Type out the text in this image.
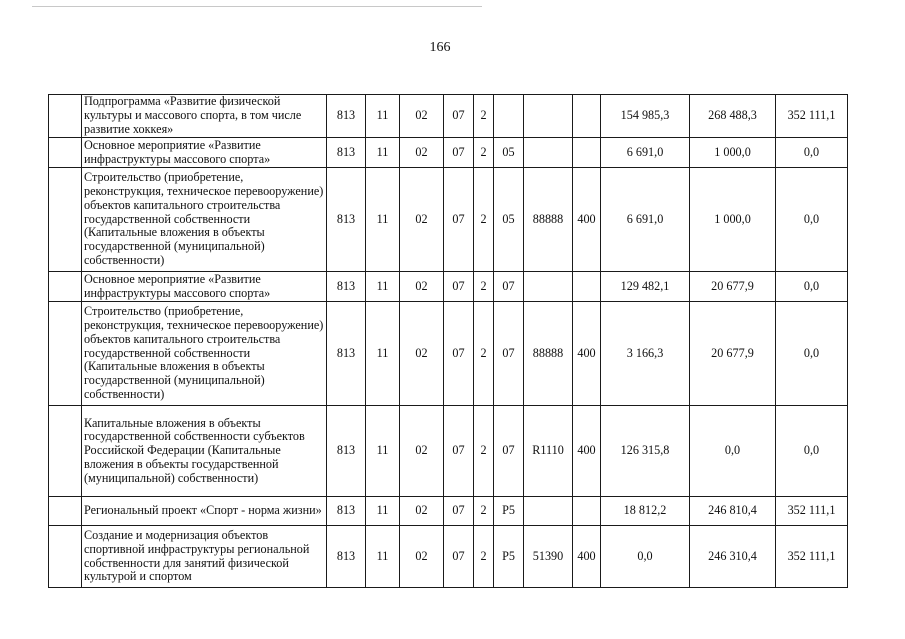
166
	Подпрограмма «Развитие физической культуры и массового спорта, в том числе развитие хоккея»	813	11	02	07	2				154 985,3	268 488,3	352 111,1
	Основное мероприятие «Развитие инфраструктуры массового спорта»	813	11	02	07	2	05			6 691,0	1 000,0	0,0
	Строительство (приобретение, реконструкция, техническое перевооружение) объектов капитального строительства государственной собственности (Капитальные вложения в объекты государственной (муниципальной) собственности)	813	11	02	07	2	05	88888	400	6 691,0	1 000,0	0,0
	Основное мероприятие «Развитие инфраструктуры массового спорта»	813	11	02	07	2	07			129 482,1	20 677,9	0,0
	Строительство (приобретение, реконструкция, техническое перевооружение) объектов капитального строительства государственной собственности (Капитальные вложения в объекты государственной (муниципальной) собственности)	813	11	02	07	2	07	88888	400	3 166,3	20 677,9	0,0
	Капитальные вложения в объекты государственной собственности субъектов Российской Федерации (Капитальные вложения в объекты государственной (муниципальной) собственности)	813	11	02	07	2	07	R1110	400	126 315,8	0,0	0,0
	Региональный проект «Спорт - норма жизни»	813	11	02	07	2	P5			18 812,2	246 810,4	352 111,1
	Создание и модернизация объектов спортивной инфраструктуры региональной собственности для занятий физической культурой и спортом	813	11	02	07	2	P5	51390	400	0,0	246 310,4	352 111,1
